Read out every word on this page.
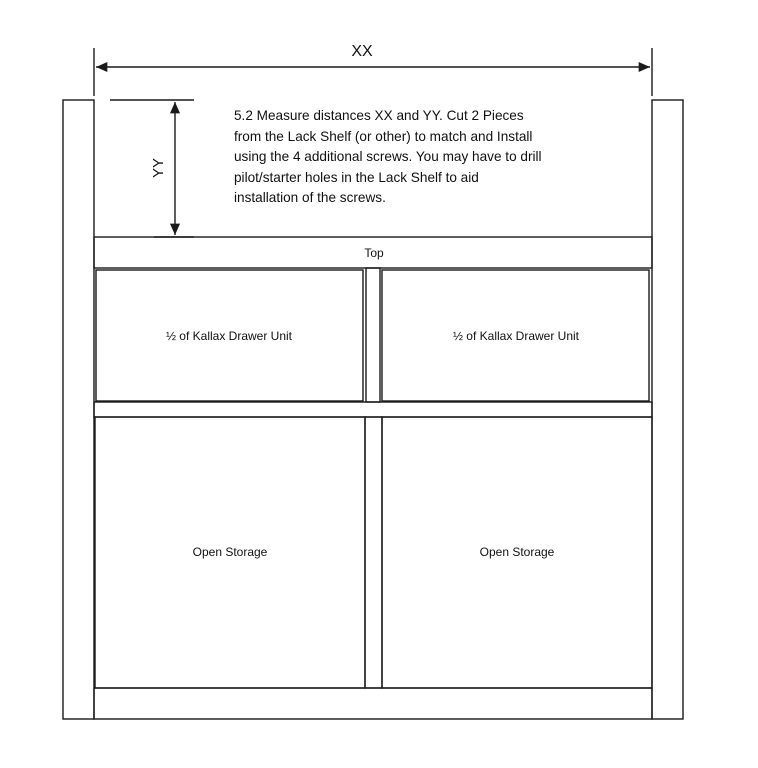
XX
YY
Top
½ of Kallax Drawer Unit	½ of Kallax Drawer Unit
Open Storage	Open Storage

5.2 Measure distances XX and YY. Cut 2 Pieces
from the Lack Shelf (or other) to match and Install
using the 4 additional screws. You may have to drill
pilot/starter holes in the Lack Shelf to aid
installation of the screws.
